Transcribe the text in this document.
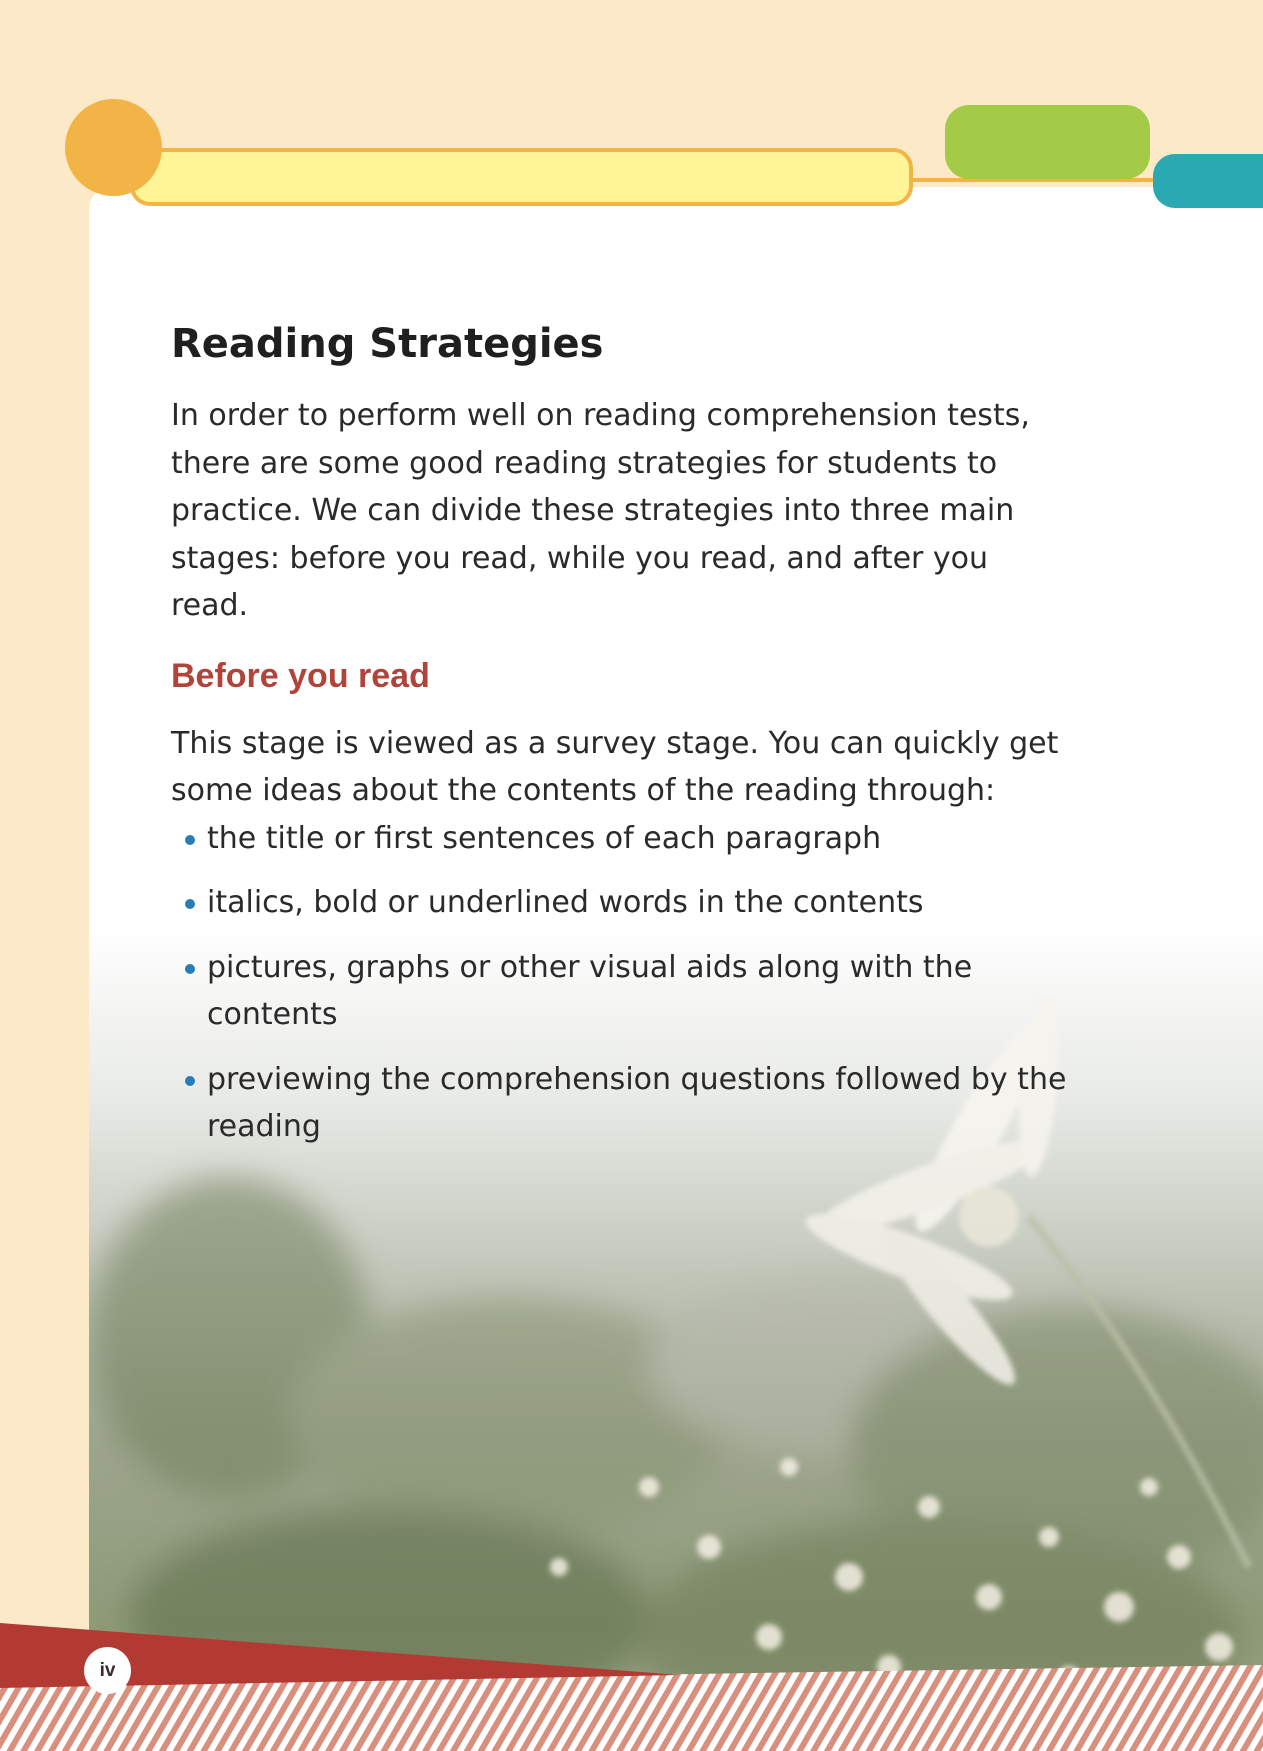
Reading Strategies

In order to perform well on reading comprehension tests, there are some good reading strategies for students to practice. We can divide these strategies into three main stages: before you read, while you read, and after you read.

Before you read

This stage is viewed as a survey stage. You can quickly get some ideas about the contents of the reading through:

the title or first sentences of each paragraph
italics, bold or underlined words in the contents
pictures, graphs or other visual aids along with the contents
previewing the comprehension questions followed by the reading
iv
